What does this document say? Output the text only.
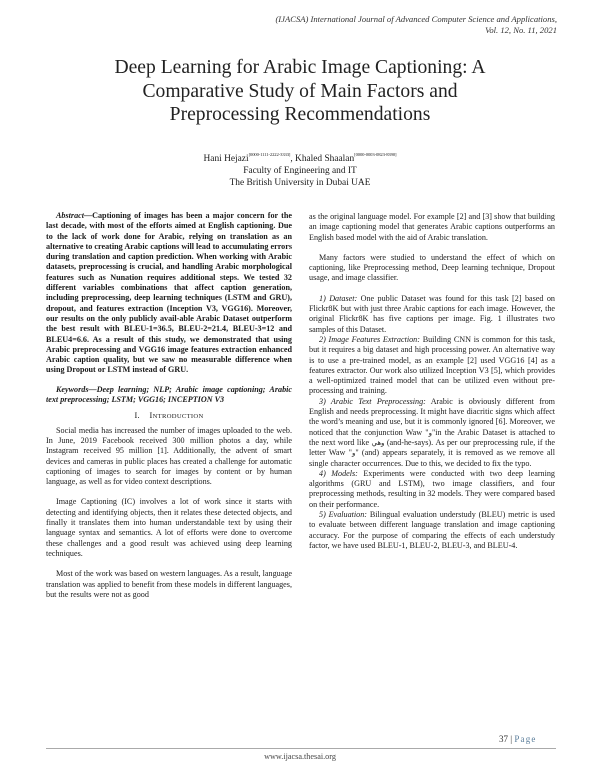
(IJACSA) International Journal of Advanced Computer Science and Applications,
Vol. 12, No. 11, 2021
Deep Learning for Arabic Image Captioning: A
Comparative Study of Main Factors and
Preprocessing Recommendations
Hani Hejazi[0000-1111-2222-3333], Khaled Shaalan[0000-0003-0823-8390]
Faculty of Engineering and IT
The British University in Dubai UAE

Abstract—Captioning of images has been a major concern for the last decade, with most of the efforts aimed at English captioning. Due to the lack of work done for Arabic, relying on translation as an alternative to creating Arabic captions will lead to accumulating errors during translation and caption prediction. When working with Arabic datasets, preprocessing is crucial, and handling Arabic morphological features such as Nunation requires additional steps. We tested 32 different variables combinations that affect caption generation, including preprocessing, deep learning techniques (LSTM and GRU), dropout, and features extraction (Inception V3, VGG16). Moreover, our results on the only publicly avail-able Arabic Dataset outperform the best result with BLEU-1=36.5, BLEU-2=21.4, BLEU-3=12 and BLEU4=6.6. As a result of this study, we demonstrated that using Arabic preprocessing and VGG16 image features extraction enhanced Arabic caption quality, but we saw no measurable difference when using Dropout or LSTM instead of GRU.

Keywords—Deep learning; NLP; Arabic image captioning; Arabic text preprocessing; LSTM; VGG16; INCEPTION V3

I. INTRODUCTION

Social media has increased the number of images uploaded to the web. In June, 2019 Facebook received 300 million photos a day, while Instagram received 95 million [1]. Additionally, the advent of smart devices and cameras in public places has created a challenge for automatic captioning of images to search for images by content or by human language, as well as for video context descriptions.

Image Captioning (IC) involves a lot of work since it starts with detecting and identifying objects, then it relates these detected objects, and finally it translates them into human understandable text by using their language syntax and semantics. A lot of efforts were done to overcome these challenges and a good result was achieved using deep learning techniques.

Most of the work was based on western languages. As a result, language translation was applied to benefit from these models in different languages, but the results were not as good

as the original language model. For example [2] and [3] show that building an image captioning model that generates Arabic captions outperforms an English based model with the aid of Arabic translation.

Many factors were studied to understand the effect of which on captioning, like Preprocessing method, Deep learning technique, Dropout usage, and image classifier.

1) Dataset: One public Dataset was found for this task [2] based on Flickr8K but with just three Arabic captions for each image. However, the original Flickr8K has five captions per image. Fig. 1 illustrates two samples of this Dataset.

2) Image Features Extraction: Building CNN is common for this task, but it requires a big dataset and high processing power. An alternative way is to use a pre-trained model, as an example [2] used VGG16 [4] as a features extractor. Our work also utilized Inception V3 [5], which provides a well-optimized trained model that can be utilized even without pre-processing and training.

3) Arabic Text Preprocessing: Arabic is obviously different from English and needs preprocessing. It might have diacritic signs which affect the word’s meaning and use, but it is commonly ignored [6]. Moreover, we noticed that the conjunction Waw "و"in the Arabic Dataset is attached to the next word like وهي (and-he-says). As per our preprocessing rule, if the letter Waw "و" (and) appears separately, it is removed as we remove all single character occurrences. Due to this, we decided to fix the typo.

4) Models: Experiments were conducted with two deep learning algorithms (GRU and LSTM), two image classifiers, and four preprocessing methods, resulting in 32 models. They were compared based on their performance.

5) Evaluation: Bilingual evaluation understudy (BLEU) metric is used to evaluate between different language translation and image captioning accuracy. For the purpose of comparing the effects of each understudy factor, we have used BLEU-1, BLEU-2, BLEU-3, and BLEU-4.

37 | Page
www.ijacsa.thesai.org
